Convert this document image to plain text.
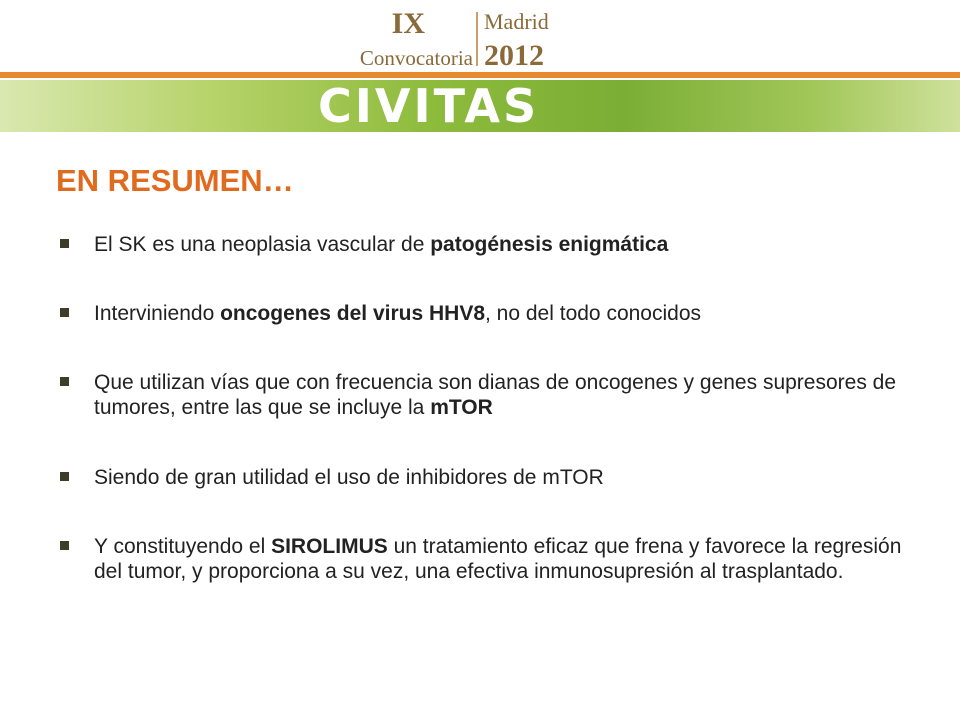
IX
Convocatoria
Madrid
2012
CIVITAS
EN RESUMEN…
El SK es una neoplasia vascular de patogénesis enigmática
Interviniendo oncogenes del virus HHV8, no del todo conocidos
Que utilizan vías que con frecuencia son dianas de oncogenes y genes supresores de tumores, entre las que se incluye la mTOR
Siendo de gran utilidad el uso de inhibidores de mTOR
Y constituyendo el SIROLIMUS un tratamiento eficaz que frena y favorece la regresión del tumor, y proporciona a su vez, una efectiva inmunosupresión al trasplantado.
